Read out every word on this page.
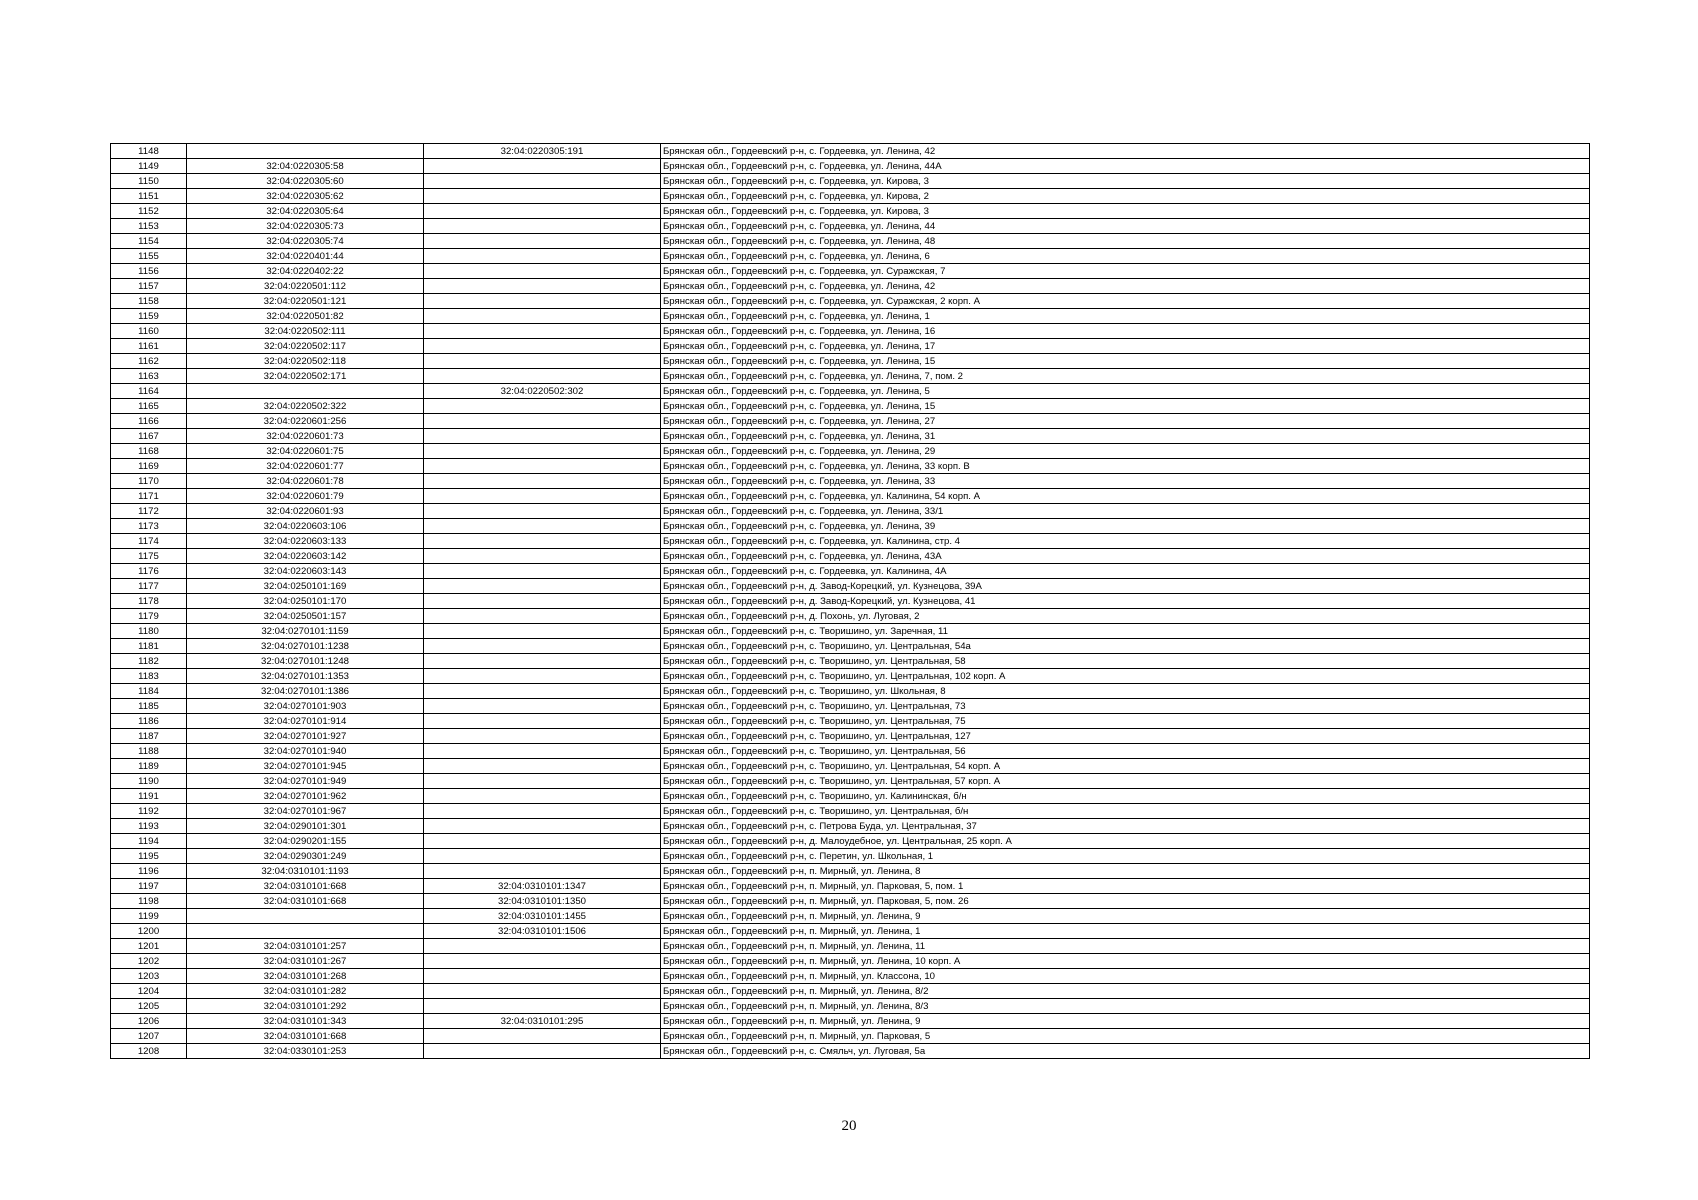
1148		32:04:0220305:191	Брянская обл., Гордеевский р-н, с. Гордеевка, ул. Ленина, 42
1149	32:04:0220305:58		Брянская обл., Гордеевский р-н, с. Гордеевка, ул. Ленина, 44А
1150	32:04:0220305:60		Брянская обл., Гордеевский р-н, с. Гордеевка, ул. Кирова, 3
1151	32:04:0220305:62		Брянская обл., Гордеевский р-н, с. Гордеевка, ул. Кирова, 2
1152	32:04:0220305:64		Брянская обл., Гордеевский р-н, с. Гордеевка, ул. Кирова, 3
1153	32:04:0220305:73		Брянская обл., Гордеевский р-н, с. Гордеевка, ул. Ленина, 44
1154	32:04:0220305:74		Брянская обл., Гордеевский р-н, с. Гордеевка, ул. Ленина, 48
1155	32:04:0220401:44		Брянская обл., Гордеевский р-н, с. Гордеевка, ул. Ленина, 6
1156	32:04:0220402:22		Брянская обл., Гордеевский р-н, с. Гордеевка, ул. Суражская, 7
1157	32:04:0220501:112		Брянская обл., Гордеевский р-н, с. Гордеевка, ул. Ленина, 42
1158	32:04:0220501:121		Брянская обл., Гордеевский р-н, с. Гордеевка, ул. Суражская, 2 корп. А
1159	32:04:0220501:82		Брянская обл., Гордеевский р-н, с. Гордеевка, ул. Ленина, 1
1160	32:04:0220502:111		Брянская обл., Гордеевский р-н, с. Гордеевка, ул. Ленина, 16
1161	32:04:0220502:117		Брянская обл., Гордеевский р-н, с. Гордеевка, ул. Ленина, 17
1162	32:04:0220502:118		Брянская обл., Гордеевский р-н, с. Гордеевка, ул. Ленина, 15
1163	32:04:0220502:171		Брянская обл., Гордеевский р-н, с. Гордеевка, ул. Ленина, 7, пом. 2
1164		32:04:0220502:302	Брянская обл., Гордеевский р-н, с. Гордеевка, ул. Ленина, 5
1165	32:04:0220502:322		Брянская обл., Гордеевский р-н, с. Гордеевка, ул. Ленина, 15
1166	32:04:0220601:256		Брянская обл., Гордеевский р-н, с. Гордеевка, ул. Ленина, 27
1167	32:04:0220601:73		Брянская обл., Гордеевский р-н, с. Гордеевка, ул. Ленина, 31
1168	32:04:0220601:75		Брянская обл., Гордеевский р-н, с. Гордеевка, ул. Ленина, 29
1169	32:04:0220601:77		Брянская обл., Гордеевский р-н, с. Гордеевка, ул. Ленина, 33 корп. В
1170	32:04:0220601:78		Брянская обл., Гордеевский р-н, с. Гордеевка, ул. Ленина, 33
1171	32:04:0220601:79		Брянская обл., Гордеевский р-н, с. Гордеевка, ул. Калинина, 54 корп. А
1172	32:04:0220601:93		Брянская обл., Гордеевский р-н, с. Гордеевка, ул. Ленина, 33/1
1173	32:04:0220603:106		Брянская обл., Гордеевский р-н, с. Гордеевка, ул. Ленина, 39
1174	32:04:0220603:133		Брянская обл., Гордеевский р-н, с. Гордеевка, ул. Калинина, стр. 4
1175	32:04:0220603:142		Брянская обл., Гордеевский р-н, с. Гордеевка, ул. Ленина, 43А
1176	32:04:0220603:143		Брянская обл., Гордеевский р-н, с. Гордеевка, ул. Калинина, 4А
1177	32:04:0250101:169		Брянская обл., Гордеевский р-н, д. Завод-Корецкий, ул. Кузнецова, 39А
1178	32:04:0250101:170		Брянская обл., Гордеевский р-н, д. Завод-Корецкий, ул. Кузнецова, 41
1179	32:04:0250501:157		Брянская обл., Гордеевский р-н, д. Похонь, ул. Луговая, 2
1180	32:04:0270101:1159		Брянская обл., Гордеевский р-н, с. Творишино, ул. Заречная, 11
1181	32:04:0270101:1238		Брянская обл., Гордеевский р-н, с. Творишино, ул. Центральная, 54а
1182	32:04:0270101:1248		Брянская обл., Гордеевский р-н, с. Творишино, ул. Центральная, 58
1183	32:04:0270101:1353		Брянская обл., Гордеевский р-н, с. Творишино, ул. Центральная, 102 корп. А
1184	32:04:0270101:1386		Брянская обл., Гордеевский р-н, с. Творишино, ул. Школьная, 8
1185	32:04:0270101:903		Брянская обл., Гордеевский р-н, с. Творишино, ул. Центральная, 73
1186	32:04:0270101:914		Брянская обл., Гордеевский р-н, с. Творишино, ул. Центральная, 75
1187	32:04:0270101:927		Брянская обл., Гордеевский р-н, с. Творишино, ул. Центральная, 127
1188	32:04:0270101:940		Брянская обл., Гордеевский р-н, с. Творишино, ул. Центральная, 56
1189	32:04:0270101:945		Брянская обл., Гордеевский р-н, с. Творишино, ул. Центральная, 54 корп. А
1190	32:04:0270101:949		Брянская обл., Гордеевский р-н, с. Творишино, ул. Центральная, 57 корп. А
1191	32:04:0270101:962		Брянская обл., Гордеевский р-н, с. Творишино, ул. Калининская, б/н
1192	32:04:0270101:967		Брянская обл., Гордеевский р-н, с. Творишино, ул. Центральная, б/н
1193	32:04:0290101:301		Брянская обл., Гордеевский р-н, с. Петрова Буда, ул. Центральная, 37
1194	32:04:0290201:155		Брянская обл., Гордеевский р-н, д. Малоудебное, ул. Центральная, 25 корп. А
1195	32:04:0290301:249		Брянская обл., Гордеевский р-н, с. Перетин, ул. Школьная, 1
1196	32:04:0310101:1193		Брянская обл., Гордеевский р-н, п. Мирный, ул. Ленина, 8
1197	32:04:0310101:668	32:04:0310101:1347	Брянская обл., Гордеевский р-н, п. Мирный, ул. Парковая, 5, пом. 1
1198	32:04:0310101:668	32:04:0310101:1350	Брянская обл., Гордеевский р-н, п. Мирный, ул. Парковая, 5, пом. 26
1199		32:04:0310101:1455	Брянская обл., Гордеевский р-н, п. Мирный, ул. Ленина, 9
1200		32:04:0310101:1506	Брянская обл., Гордеевский р-н, п. Мирный, ул. Ленина, 1
1201	32:04:0310101:257		Брянская обл., Гордеевский р-н, п. Мирный, ул. Ленина, 11
1202	32:04:0310101:267		Брянская обл., Гордеевский р-н, п. Мирный, ул. Ленина, 10 корп. А
1203	32:04:0310101:268		Брянская обл., Гордеевский р-н, п. Мирный, ул. Классона, 10
1204	32:04:0310101:282		Брянская обл., Гордеевский р-н, п. Мирный, ул. Ленина, 8/2
1205	32:04:0310101:292		Брянская обл., Гордеевский р-н, п. Мирный, ул. Ленина, 8/3
1206	32:04:0310101:343	32:04:0310101:295	Брянская обл., Гордеевский р-н, п. Мирный, ул. Ленина, 9
1207	32:04:0310101:668		Брянская обл., Гордеевский р-н, п. Мирный, ул. Парковая, 5
1208	32:04:0330101:253		Брянская обл., Гордеевский р-н, с. Смяльч, ул. Луговая, 5а
20
